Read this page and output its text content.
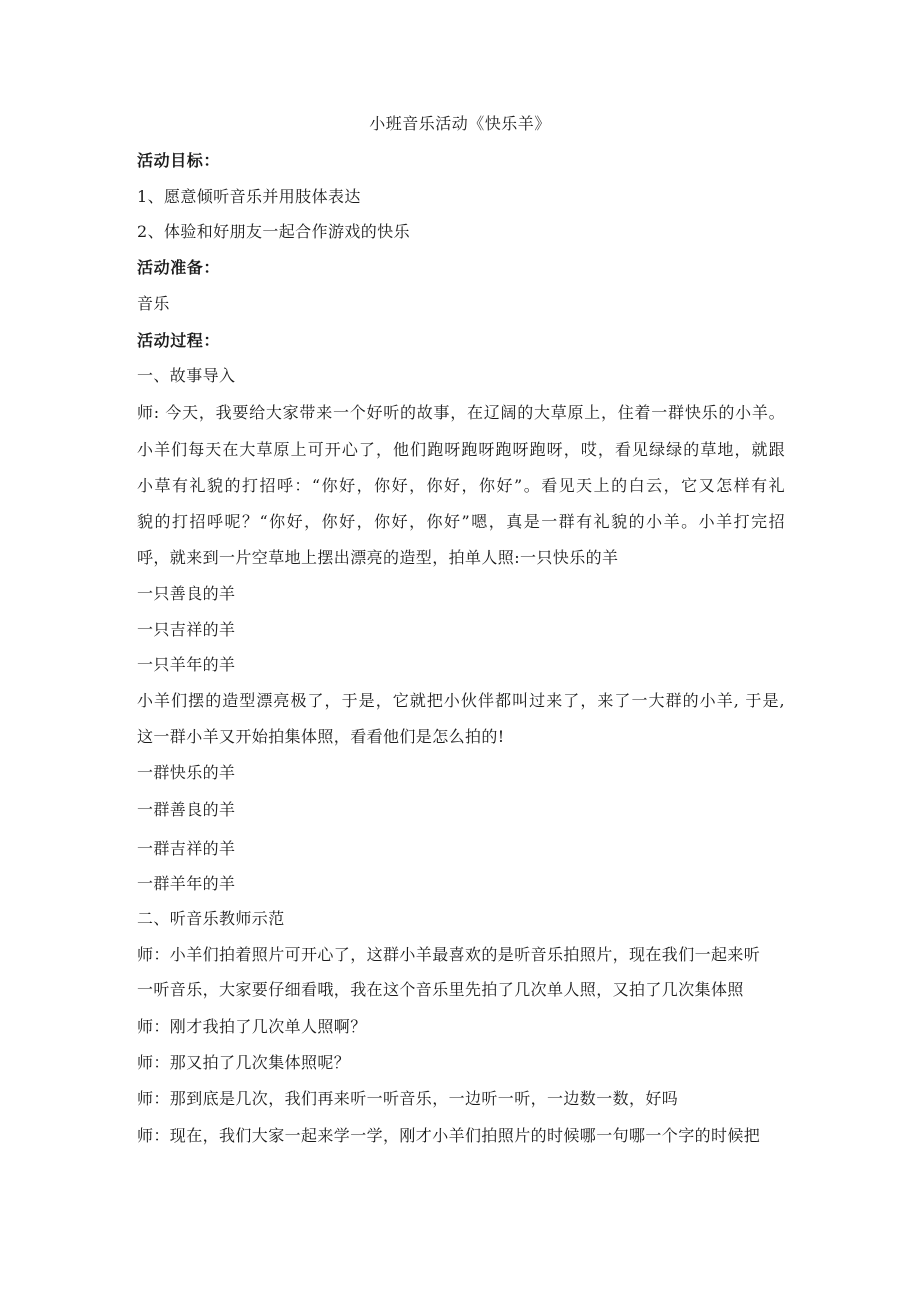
小班音乐活动《快乐羊》
活动目标：
1、愿意倾听音乐并用肢体表达
2、体验和好朋友一起合作游戏的快乐
活动准备：
音乐
活动过程：
一、故事导入
师: 今天，我要给大家带来一个好听的故事，在辽阔的大草原上，住着一群快乐的小羊。
小羊们每天在大草原上可开心了，他们跑呀跑呀跑呀跑呀，哎，看见绿绿的草地，就跟
小草有礼貌的打招呼：“你好，你好，你好，你好”。看见天上的白云，它又怎样有礼
貌的打招呼呢？“你好，你好，你好，你好”嗯，真是一群有礼貌的小羊。小羊打完招
呼，就来到一片空草地上摆出漂亮的造型，拍单人照:一只快乐的羊
一只善良的羊
一只吉祥的羊
一只羊年的羊
小羊们摆的造型漂亮极了，于是，它就把小伙伴都叫过来了，来了一大群的小羊, 于是,
这一群小羊又开始拍集体照，看看他们是怎么拍的!
一群快乐的羊
一群善良的羊
一群吉祥的羊
一群羊年的羊
二、听音乐教师示范
师：小羊们拍着照片可开心了，这群小羊最喜欢的是听音乐拍照片，现在我们一起来听
一听音乐，大家要仔细看哦，我在这个音乐里先拍了几次单人照，又拍了几次集体照
师：刚才我拍了几次单人照啊？
师：那又拍了几次集体照呢？
师：那到底是几次，我们再来听一听音乐，一边听一听，一边数一数，好吗
师：现在，我们大家一起来学一学，刚才小羊们拍照片的时候哪一句哪一个字的时候把
